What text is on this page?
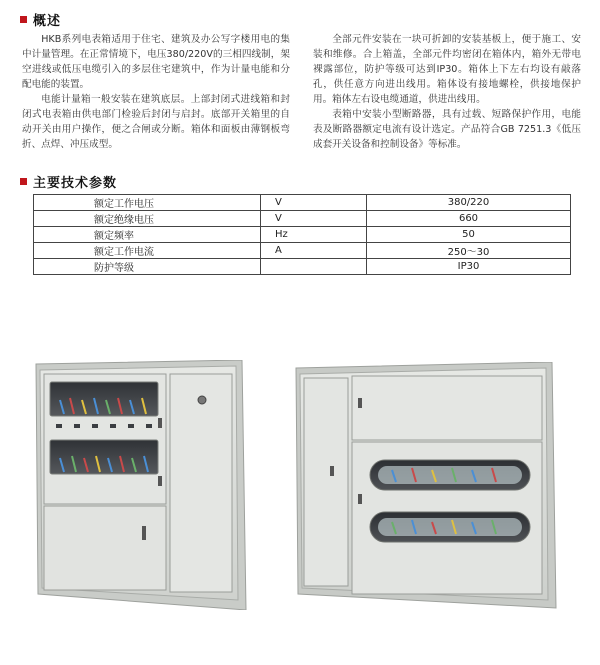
概述

HKB系列电表箱适用于住宅、建筑及办公写字楼用电的集中计量管理。在正常情境下，电压380/220V的三相四线制，架空进线或低压电缆引入的多层住宅建筑中，作为计量电能和分配电能的装置。

电能计量箱一般安装在建筑底层。上部封闭式进线箱和封闭式电表箱由供电部门检验后封闭与启封。底部开关箱里的自动开关由用户操作，便之合闸或分断。箱体和面板由薄钢板弯折、点焊、冲压成型。

全部元件安装在一块可折卸的安装基板上，便于施工、安装和维修。合上箱盖，全部元件均密闭在箱体内，箱外无带电裸露部位，防护等级可达到IP30。箱体上下左右均设有敲落孔，供任意方向进出线用。箱体设有接地螺栓，供接地保护用。箱体左右设电缆通道，供进出线用。

表箱中安装小型断路器，具有过载、短路保护作用，电能表及断路器额定电流有设计选定。产品符合GB 7251.3《低压成套开关设备和控制设备》等标准。

主要技术参数
额定工作电压	V	380/220
额定绝缘电压	V	660
额定频率	Hz	50
额定工作电流	A	250～30
防护等级		IP30
